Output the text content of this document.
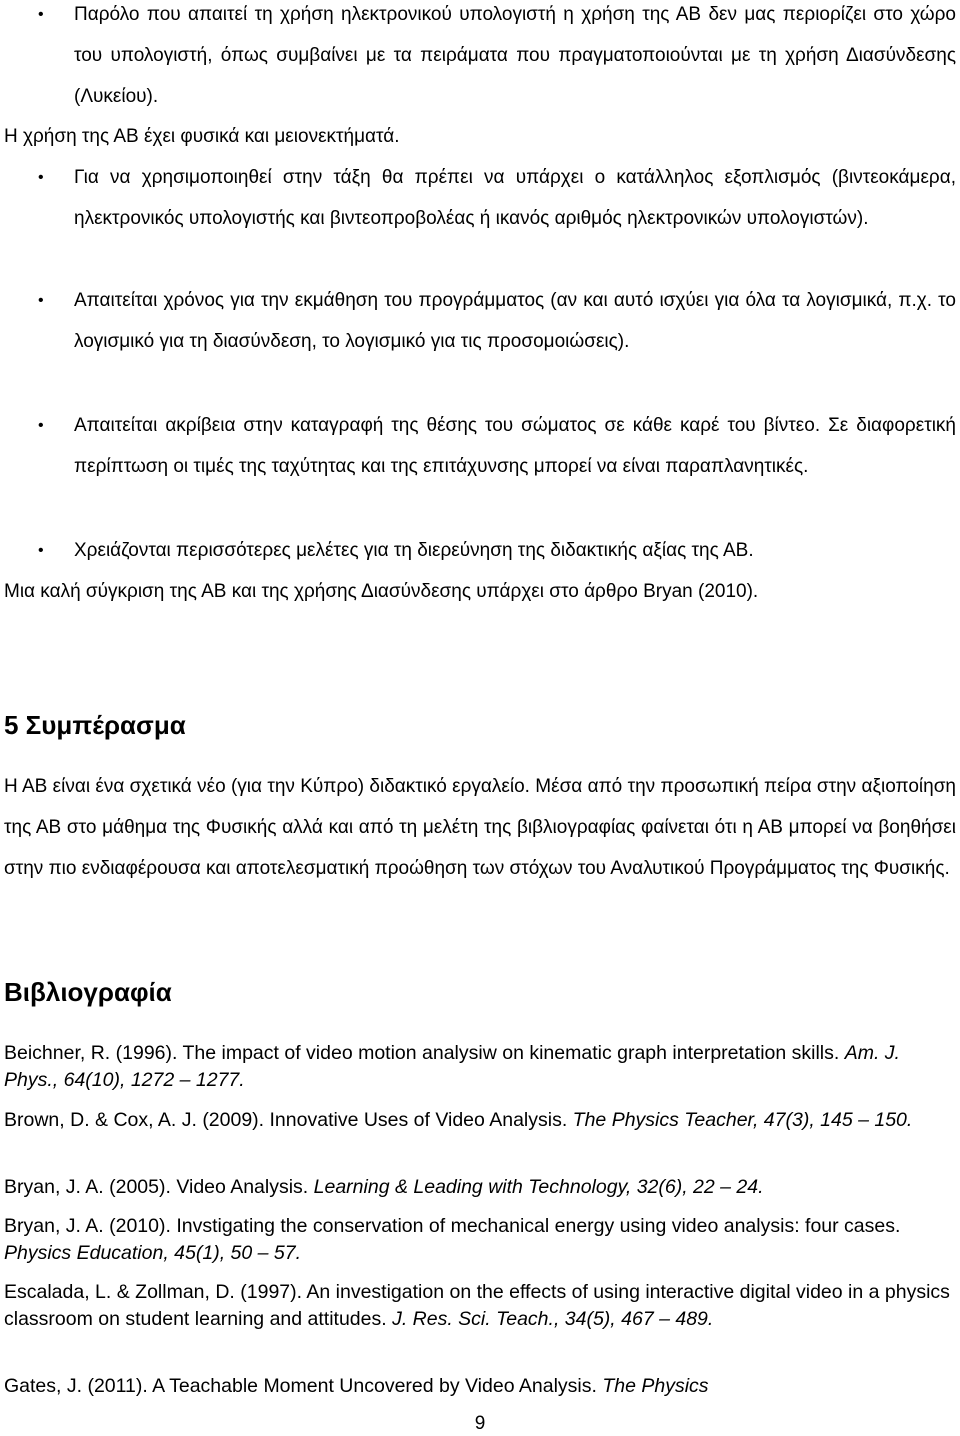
• Παρόλο που απαιτεί τη χρήση ηλεκτρονικού υπολογιστή η χρήση της ΑΒ δεν μας περιορίζει στο χώρο του υπολογιστή, όπως συμβαίνει με τα πειράματα που πραγματοποιούνται με τη χρήση Διασύνδεσης (Λυκείου).
Η χρήση της ΑΒ έχει φυσικά και μειονεκτήματά.
• Για να χρησιμοποιηθεί στην τάξη θα πρέπει να υπάρχει ο κατάλληλος εξοπλισμός (βιντεοκάμερα, ηλεκτρονικός υπολογιστής και βιντεοπροβολέας ή ικανός αριθμός ηλεκτρονικών υπολογιστών).
• Απαιτείται χρόνος για την εκμάθηση του προγράμματος (αν και αυτό ισχύει για όλα τα λογισμικά, π.χ. το λογισμικό για τη διασύνδεση, το λογισμικό για τις προσομοιώσεις).
• Απαιτείται ακρίβεια στην καταγραφή της θέσης του σώματος σε κάθε καρέ του βίντεο. Σε διαφορετική περίπτωση οι τιμές της ταχύτητας και της επιτάχυνσης μπορεί να είναι παραπλανητικές.
• Χρειάζονται περισσότερες μελέτες για τη διερεύνηση της διδακτικής αξίας της ΑΒ.
Μια καλή σύγκριση της ΑΒ και της χρήσης Διασύνδεσης υπάρχει στο άρθρο Bryan (2010).
5 Συμπέρασμα
Η ΑΒ είναι ένα σχετικά νέο (για την Κύπρο) διδακτικό εργαλείο. Μέσα από την προσωπική πείρα στην αξιοποίηση της ΑΒ στο μάθημα της Φυσικής αλλά και από τη μελέτη της βιβλιογραφίας φαίνεται ότι η ΑΒ μπορεί να βοηθήσει στην πιο ενδιαφέρουσα και αποτελεσματική προώθηση των στόχων του Αναλυτικού Προγράμματος της Φυσικής.
Βιβλιογραφία
Beichner, R. (1996). The impact of video motion analysiw on kinematic graph interpretation skills. Am. J. Phys., 64(10), 1272 – 1277.
Brown, D. & Cox, A. J. (2009). Innovative Uses of Video Analysis. The Physics Teacher, 47(3), 145 – 150.
Bryan, J. A. (2005). Video Analysis. Learning & Leading with Technology, 32(6), 22 – 24.
Bryan, J. A. (2010). Invstigating the conservation of mechanical energy using video analysis: four cases. Physics Education, 45(1), 50 – 57.
Escalada, L. & Zollman, D. (1997). An investigation on the effects of using interactive digital video in a physics classroom on student learning and attitudes. J. Res. Sci. Teach., 34(5), 467 – 489.
Gates, J. (2011). A Teachable Moment Uncovered by Video Analysis. The Physics
9
